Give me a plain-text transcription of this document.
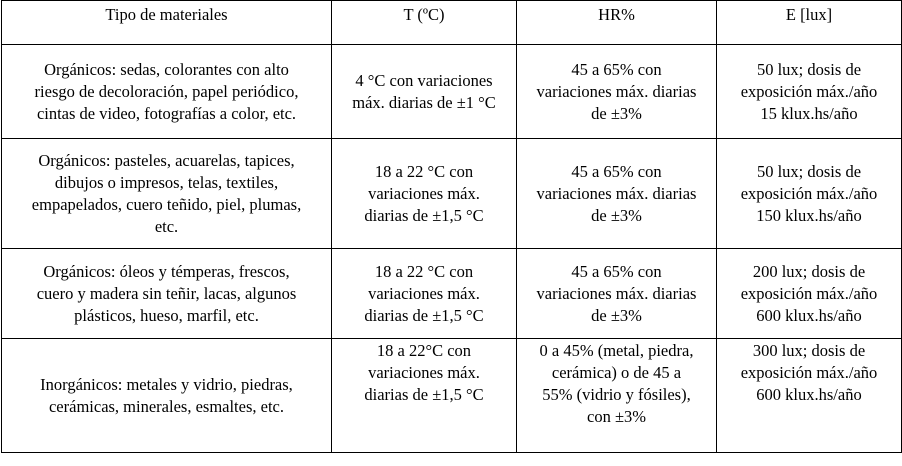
Tipo de materiales	T (ºC)	HR%	E [lux]
Orgánicos: sedas, colorantes con alto
riesgo de decoloración, papel periódico,
cintas de video, fotografías a color, etc.	4 °C con variaciones
máx. diarias de ±1 °C	45 a 65% con
variaciones máx. diarias
de ±3%	50 lux; dosis de
exposición máx./año
15 klux.hs/año
Orgánicos: pasteles, acuarelas, tapices,
dibujos o impresos, telas, textiles,
empapelados, cuero teñido, piel, plumas,
etc.	18 a 22 °C con
variaciones máx.
diarias de ±1,5 °C	45 a 65% con
variaciones máx. diarias
de ±3%	50 lux; dosis de
exposición máx./año
150 klux.hs/año
Orgánicos: óleos y témperas, frescos,
cuero y madera sin teñir, lacas, algunos
plásticos, hueso, marfil, etc.	18 a 22 °C con
variaciones máx.
diarias de ±1,5 °C	45 a 65% con
variaciones máx. diarias
de ±3%	200 lux; dosis de
exposición máx./año
600 klux.hs/año
Inorgánicos: metales y vidrio, piedras,
cerámicas, minerales, esmaltes, etc.	18 a 22°C con
variaciones máx.
diarias de ±1,5 °C	0 a 45% (metal, piedra,
cerámica) o de 45 a
55% (vidrio y fósiles),
con ±3%	300 lux; dosis de
exposición máx./año
600 klux.hs/año
